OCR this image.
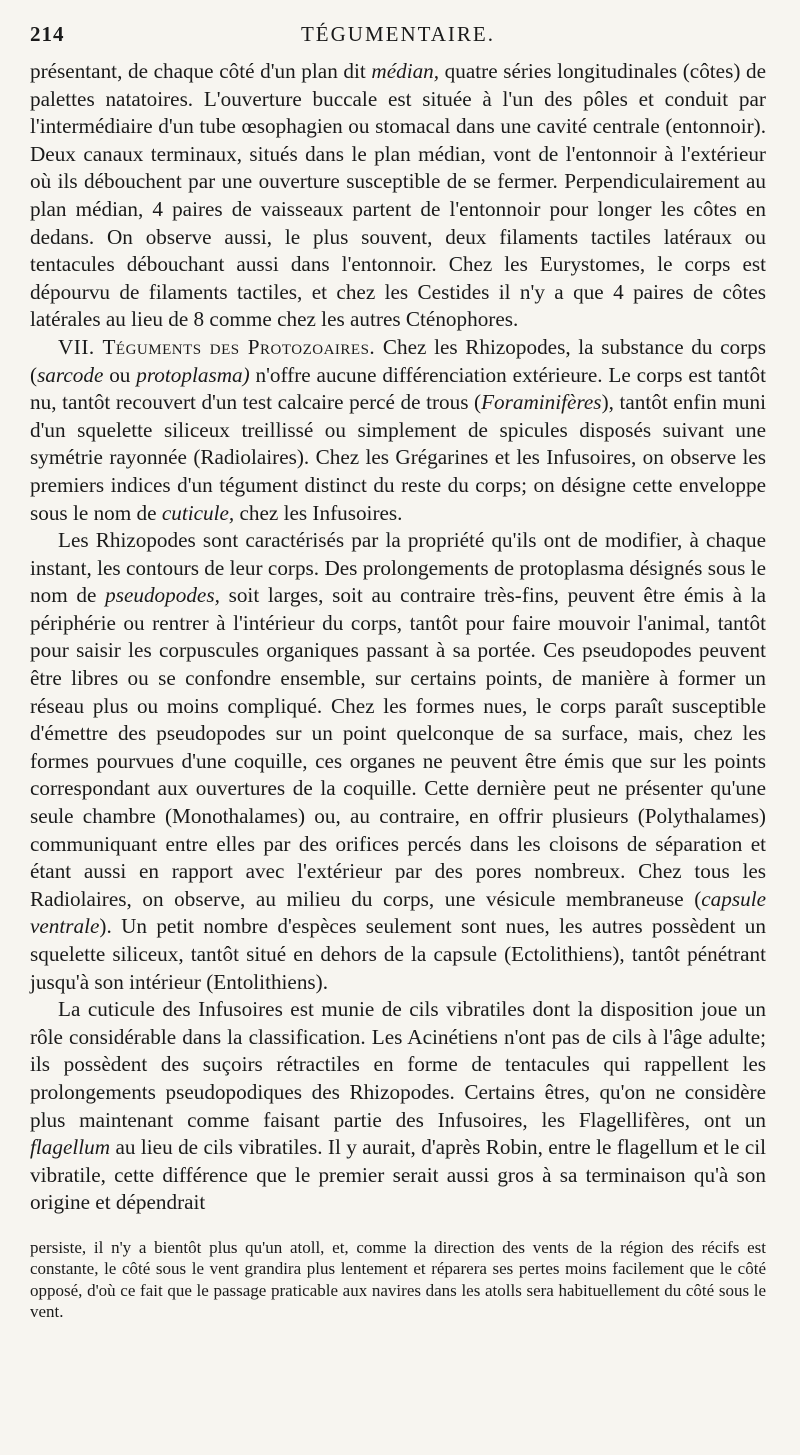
214	TÉGUMENTAIRE.

présentant, de chaque côté d'un plan dit médian, quatre séries longitudinales (côtes) de palettes natatoires. L'ouverture buccale est située à l'un des pôles et conduit par l'intermédiaire d'un tube œsophagien ou stomacal dans une cavité centrale (entonnoir). Deux canaux terminaux, situés dans le plan médian, vont de l'entonnoir à l'extérieur où ils débouchent par une ouverture susceptible de se fermer. Perpendiculairement au plan médian, 4 paires de vaisseaux partent de l'entonnoir pour longer les côtes en dedans. On observe aussi, le plus souvent, deux filaments tactiles latéraux ou tentacules débouchant aussi dans l'entonnoir. Chez les Eurystomes, le corps est dépourvu de filaments tactiles, et chez les Cestides il n'y a que 4 paires de côtes latérales au lieu de 8 comme chez les autres Cténophores.

VII. Téguments des Protozoaires. Chez les Rhizopodes, la substance du corps (sarcode ou protoplasma) n'offre aucune différenciation extérieure. Le corps est tantôt nu, tantôt recouvert d'un test calcaire percé de trous (Foraminifères), tantôt enfin muni d'un squelette siliceux treillissé ou simplement de spicules disposés suivant une symétrie rayonnée (Radiolaires). Chez les Grégarines et les Infusoires, on observe les premiers indices d'un tégument distinct du reste du corps; on désigne cette enveloppe sous le nom de cuticule, chez les Infusoires.

Les Rhizopodes sont caractérisés par la propriété qu'ils ont de modifier, à chaque instant, les contours de leur corps. Des prolongements de protoplasma désignés sous le nom de pseudopodes, soit larges, soit au contraire très-fins, peuvent être émis à la périphérie ou rentrer à l'intérieur du corps, tantôt pour faire mouvoir l'animal, tantôt pour saisir les corpuscules organiques passant à sa portée. Ces pseudopodes peuvent être libres ou se confondre ensemble, sur certains points, de manière à former un réseau plus ou moins compliqué. Chez les formes nues, le corps paraît susceptible d'émettre des pseudopodes sur un point quelconque de sa surface, mais, chez les formes pourvues d'une coquille, ces organes ne peuvent être émis que sur les points correspondant aux ouvertures de la coquille. Cette dernière peut ne présenter qu'une seule chambre (Monothalames) ou, au contraire, en offrir plusieurs (Polythalames) communiquant entre elles par des orifices percés dans les cloisons de séparation et étant aussi en rapport avec l'extérieur par des pores nombreux. Chez tous les Radiolaires, on observe, au milieu du corps, une vésicule membraneuse (capsule ventrale). Un petit nombre d'espèces seulement sont nues, les autres possèdent un squelette siliceux, tantôt situé en dehors de la capsule (Ectolithiens), tantôt pénétrant jusqu'à son intérieur (Entolithiens).

La cuticule des Infusoires est munie de cils vibratiles dont la disposition joue un rôle considérable dans la classification. Les Acinétiens n'ont pas de cils à l'âge adulte; ils possèdent des suçoirs rétractiles en forme de tentacules qui rappellent les prolongements pseudopodiques des Rhizopodes. Certains êtres, qu'on ne considère plus maintenant comme faisant partie des Infusoires, les Flagellifères, ont un flagellum au lieu de cils vibratiles. Il y aurait, d'après Robin, entre le flagellum et le cil vibratile, cette différence que le premier serait aussi gros à sa terminaison qu'à son origine et dépendrait

persiste, il n'y a bientôt plus qu'un atoll, et, comme la direction des vents de la région des récifs est constante, le côté sous le vent grandira plus lentement et réparera ses pertes moins facilement que le côté opposé, d'où ce fait que le passage praticable aux navires dans les atolls sera habituellement du côté sous le vent.
